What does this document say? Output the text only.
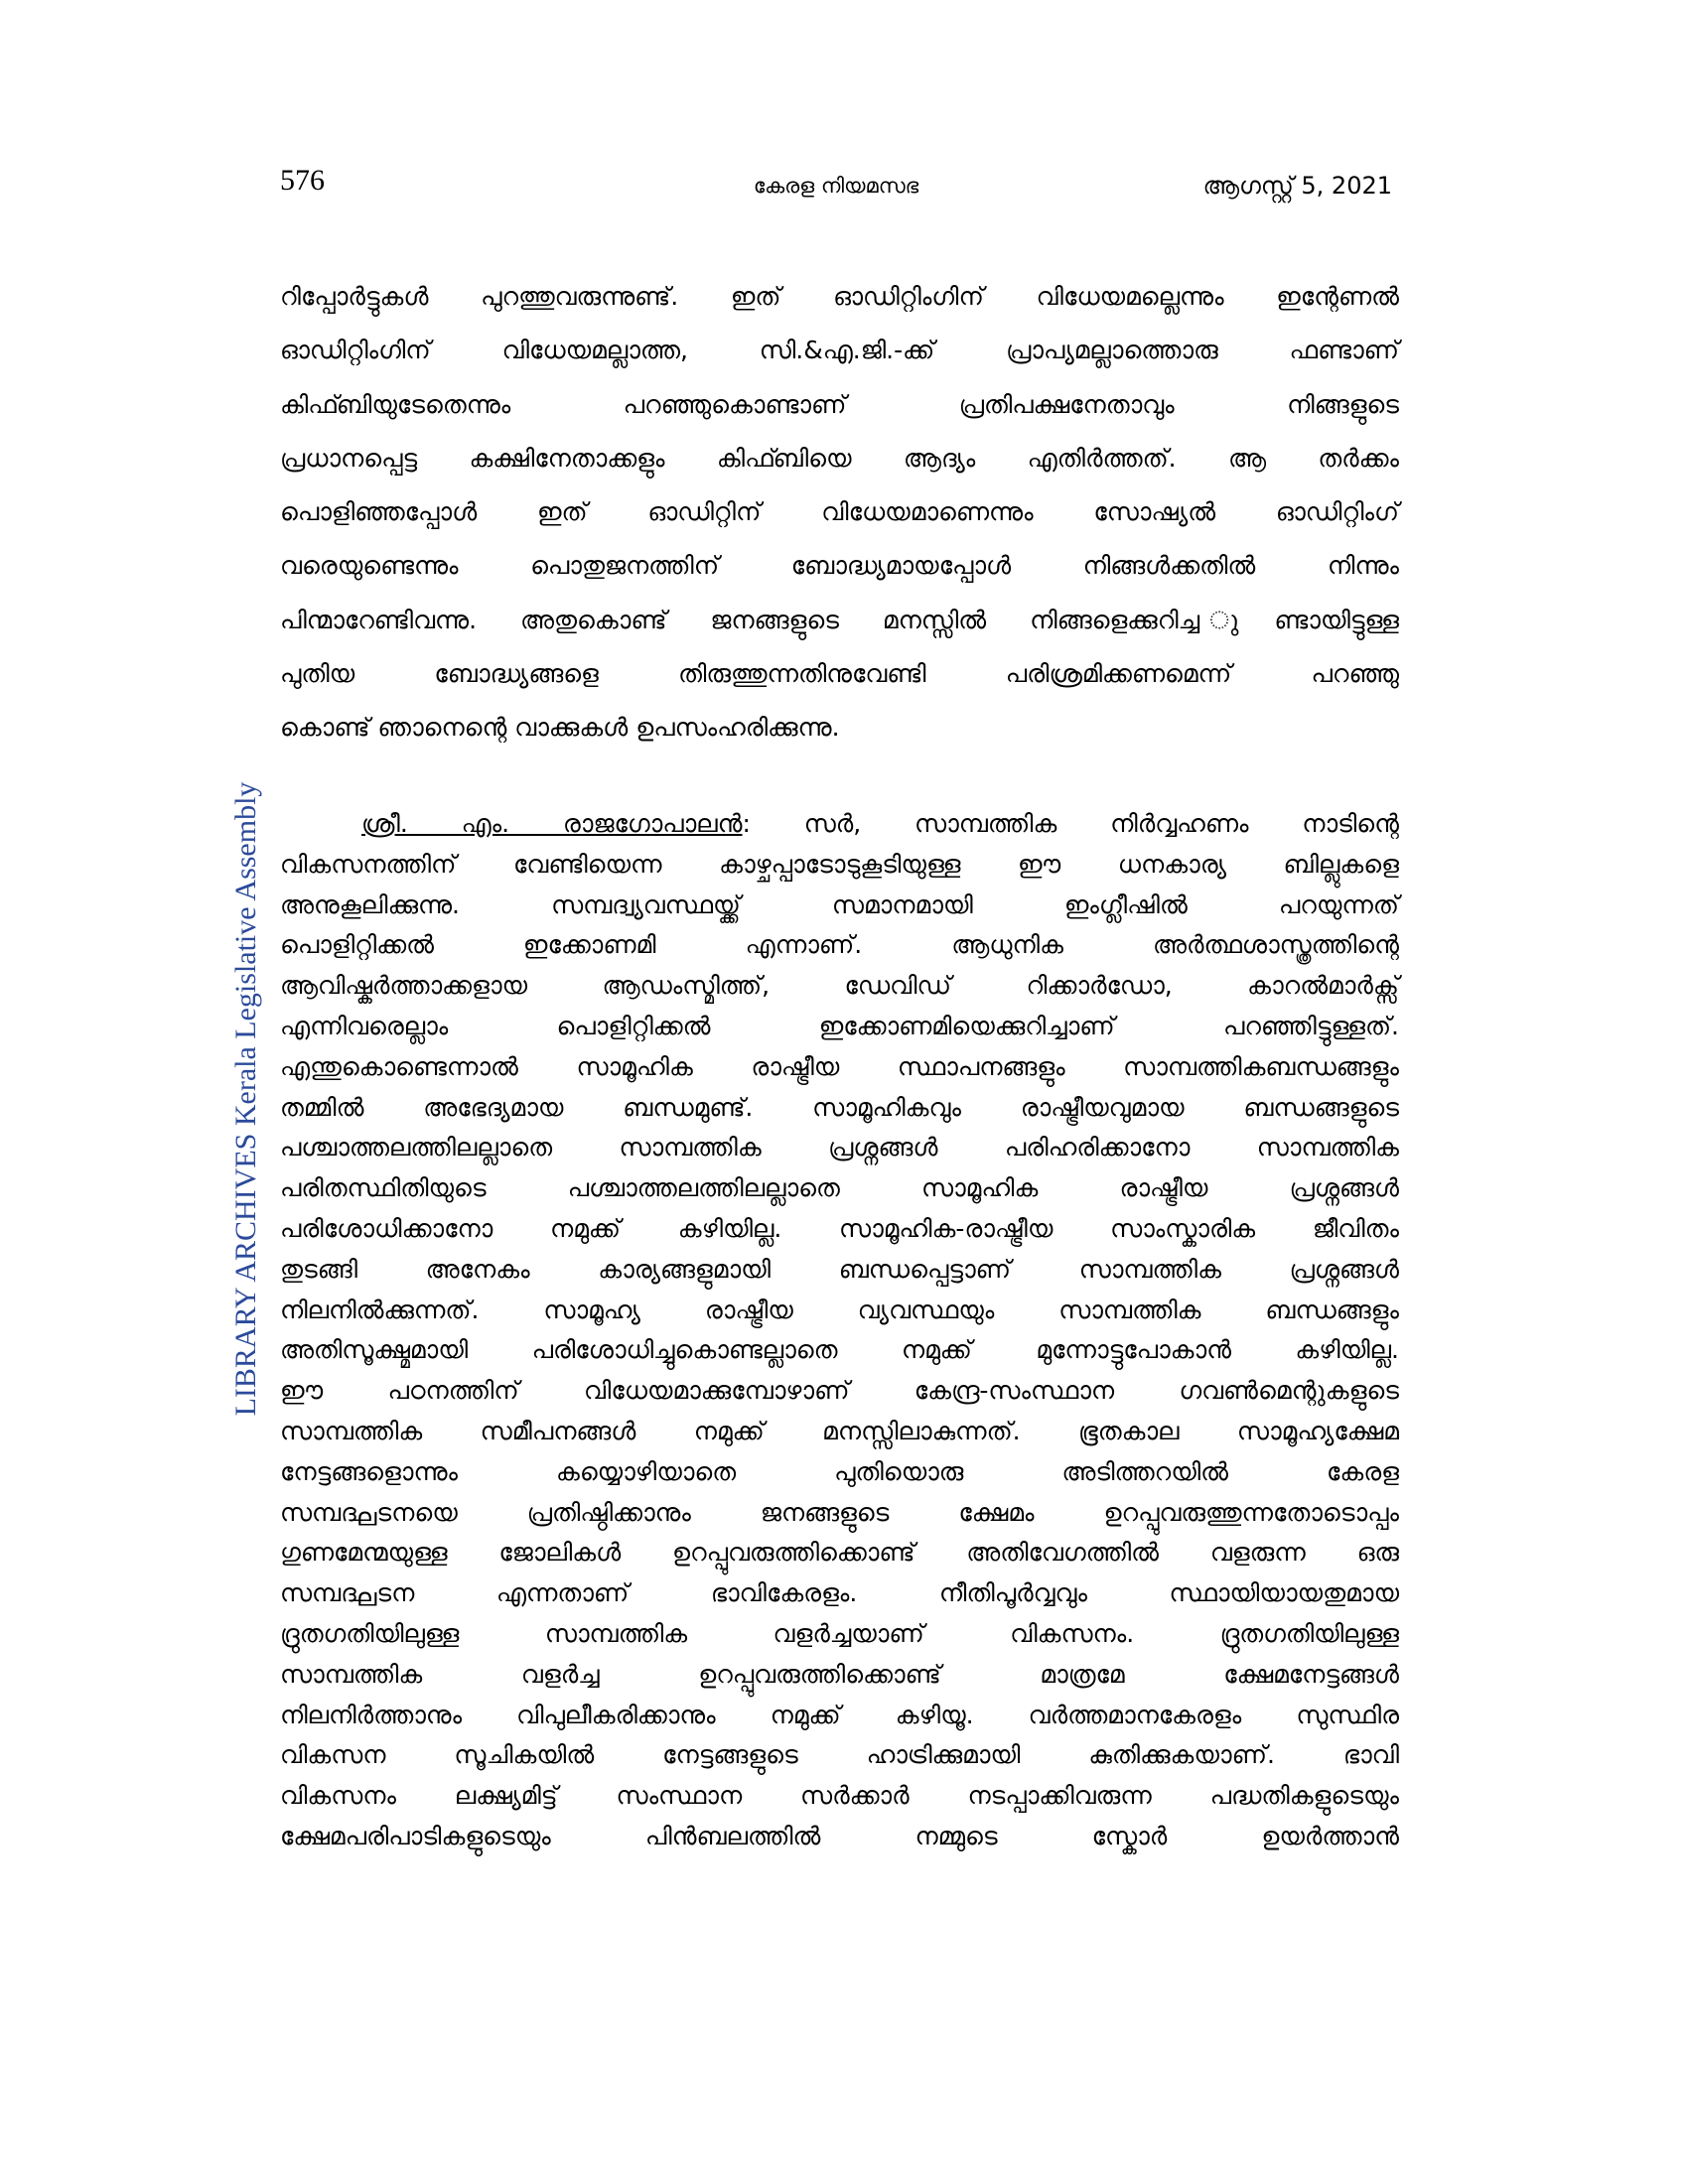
576	കേരള നിയമസഭ	ആഗസ്റ്റ് 5, 2021
LIBRARY ARCHIVES Kerala Legislative Assembly
റിപ്പോർട്ടുകൾ പുറത്തുവരുന്നുണ്ട്. ഇത് ഓഡിറ്റിംഗിന് വിധേയമല്ലെന്നും ഇന്റേണൽ
ഓഡിറ്റിംഗിന് വിധേയമല്ലാത്ത, സി.&എ.ജി.-ക്ക് പ്രാപ്യമല്ലാത്തൊരു ഫണ്ടാണ്
കിഫ്ബിയുടേതെന്നും പറഞ്ഞുകൊണ്ടാണ് പ്രതിപക്ഷനേതാവും നിങ്ങളുടെ
പ്രധാനപ്പെട്ട കക്ഷിനേതാക്കളും കിഫ്ബിയെ ആദ്യം എതിർത്തത്. ആ തർക്കം
പൊളിഞ്ഞപ്പോൾ ഇത് ഓഡിറ്റിന് വിധേയമാണെന്നും സോഷ്യൽ ഓഡിറ്റിംഗ്
വരെയുണ്ടെന്നും പൊതുജനത്തിന് ബോദ്ധ്യമായപ്പോൾ നിങ്ങൾക്കതിൽ നിന്നും
പിന്മാറേണ്ടിവന്നു. അതുകൊണ്ട് ജനങ്ങളുടെ മനസ്സിൽ നിങ്ങളെക്കുറിച്ച ുണ്ടായിട്ടുള്ള
പുതിയ ബോദ്ധ്യങ്ങളെ തിരുത്തുന്നതിനുവേണ്ടി പരിശ്രമിക്കണമെന്ന് പറഞ്ഞു
കൊണ്ട് ഞാനെന്റെ വാക്കുകൾ ഉപസംഹരിക്കുന്നു.
ശ്രീ. എം. രാജഗോപാലൻ: സർ, സാമ്പത്തിക നിർവ്വഹണം നാടിന്റെ
വികസനത്തിന് വേണ്ടിയെന്ന കാഴ്ചപ്പാടോടുകൂടിയുള്ള ഈ ധനകാര്യ ബില്ലുകളെ
അനുകൂലിക്കുന്നു. സമ്പദ്വ്യവസ്ഥയ്ക്ക് സമാനമായി ഇംഗ്ലീഷിൽ പറയുന്നത്
പൊളിറ്റിക്കൽ ഇക്കോണമി എന്നാണ്. ആധുനിക അർത്ഥശാസ്ത്രത്തിന്റെ
ആവിഷ്കർത്താക്കളായ ആഡംസ്മിത്ത്, ഡേവിഡ് റിക്കാർഡോ, കാറൽമാർക്സ്
എന്നിവരെല്ലാം പൊളിറ്റിക്കൽ ഇക്കോണമിയെക്കുറിച്ചാണ് പറഞ്ഞിട്ടുള്ളത്.
എന്തുകൊണ്ടെന്നാൽ സാമൂഹിക രാഷ്ട്രീയ സ്ഥാപനങ്ങളും സാമ്പത്തികബന്ധങ്ങളും
തമ്മിൽ അഭേദ്യമായ ബന്ധമുണ്ട്. സാമൂഹികവും രാഷ്ട്രീയവുമായ ബന്ധങ്ങളുടെ
പശ്ചാത്തലത്തിലല്ലാതെ സാമ്പത്തിക പ്രശ്നങ്ങൾ പരിഹരിക്കാനോ സാമ്പത്തിക
പരിതസ്ഥിതിയുടെ പശ്ചാത്തലത്തിലല്ലാതെ സാമൂഹിക രാഷ്ട്രീയ പ്രശ്നങ്ങൾ
പരിശോധിക്കാനോ നമുക്ക് കഴിയില്ല. സാമൂഹിക-രാഷ്ട്രീയ സാംസ്കാരിക ജീവിതം
തുടങ്ങി അനേകം കാര്യങ്ങളുമായി ബന്ധപ്പെട്ടാണ് സാമ്പത്തിക പ്രശ്നങ്ങൾ
നിലനിൽക്കുന്നത്. സാമൂഹ്യ രാഷ്ട്രീയ വ്യവസ്ഥയും സാമ്പത്തിക ബന്ധങ്ങളും
അതിസൂക്ഷ്മമായി പരിശോധിച്ചുകൊണ്ടല്ലാതെ നമുക്ക് മുന്നോട്ടുപോകാൻ കഴിയില്ല.
ഈ പഠനത്തിന് വിധേയമാക്കുമ്പോഴാണ് കേന്ദ്ര-സംസ്ഥാന ഗവൺമെന്റുകളുടെ
സാമ്പത്തിക സമീപനങ്ങൾ നമുക്ക് മനസ്സിലാകുന്നത്. ഭൂതകാല സാമൂഹ്യക്ഷേമ
നേട്ടങ്ങളൊന്നും കയ്യൊഴിയാതെ പുതിയൊരു അടിത്തറയിൽ കേരള
സമ്പദ്ഘടനയെ പ്രതിഷ്ഠിക്കാനും ജനങ്ങളുടെ ക്ഷേമം ഉറപ്പുവരുത്തുന്നതോടൊപ്പം
ഗുണമേന്മയുള്ള ജോലികൾ ഉറപ്പുവരുത്തിക്കൊണ്ട് അതിവേഗത്തിൽ വളരുന്ന ഒരു
സമ്പദ്ഘടന എന്നതാണ് ഭാവികേരളം. നീതിപൂർവ്വവും സ്ഥായിയായതുമായ
ദ്രുതഗതിയിലുള്ള സാമ്പത്തിക വളർച്ചയാണ് വികസനം. ദ്രുതഗതിയിലുള്ള
സാമ്പത്തിക വളർച്ച ഉറപ്പുവരുത്തിക്കൊണ്ട് മാത്രമേ ക്ഷേമനേട്ടങ്ങൾ
നിലനിർത്താനും വിപുലീകരിക്കാനും നമുക്ക് കഴിയൂ. വർത്തമാനകേരളം സുസ്ഥിര
വികസന സൂചികയിൽ നേട്ടങ്ങളുടെ ഹാട്രിക്കുമായി കുതിക്കുകയാണ്. ഭാവി
വികസനം ലക്ഷ്യമിട്ട് സംസ്ഥാന സർക്കാർ നടപ്പാക്കിവരുന്ന പദ്ധതികളുടെയും
ക്ഷേമപരിപാടികളുടെയും പിൻബലത്തിൽ നമ്മുടെ സ്കോർ ഉയർത്താൻ
